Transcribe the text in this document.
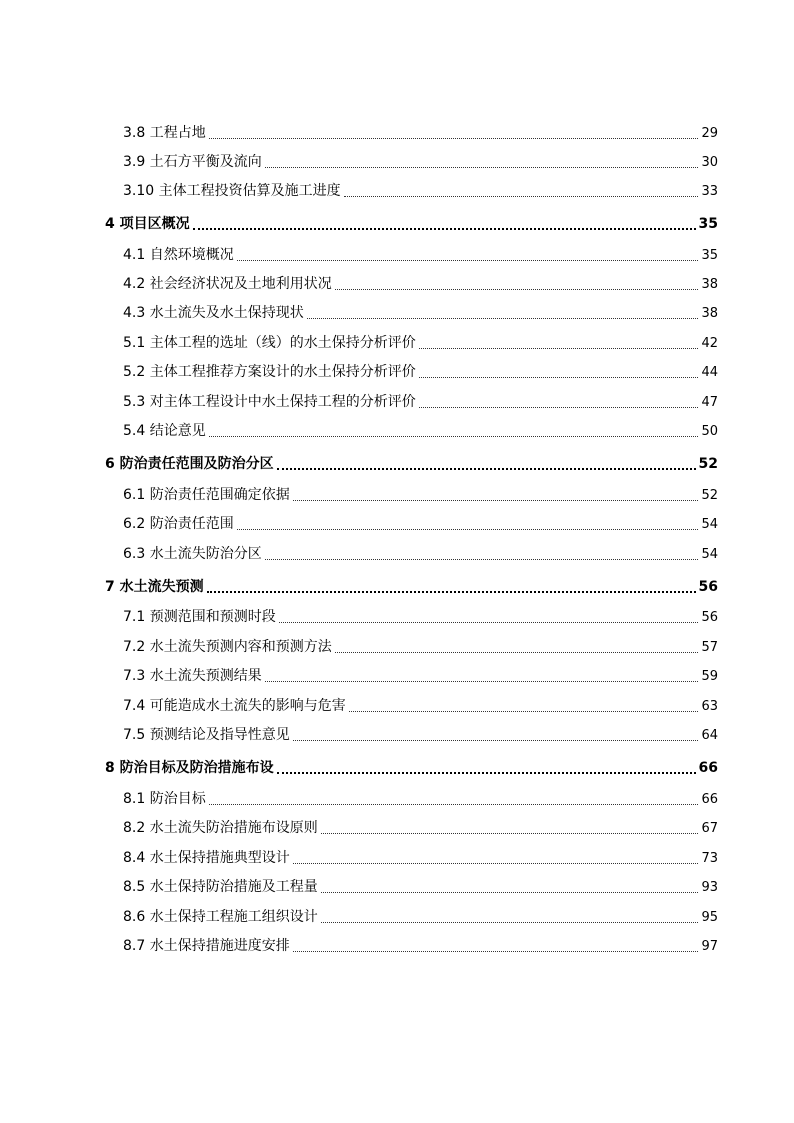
3.8 工程占地	29
3.9 土石方平衡及流向	30
3.10 主体工程投资估算及施工进度	33
4 项目区概况	35
4.1 自然环境概况	35
4.2 社会经济状况及土地利用状况	38
4.3 水土流失及水土保持现状	38
5.1 主体工程的选址（线）的水土保持分析评价	42
5.2 主体工程推荐方案设计的水土保持分析评价	44
5.3 对主体工程设计中水土保持工程的分析评价	47
5.4 结论意见	50
6 防治责任范围及防治分区	52
6.1 防治责任范围确定依据	52
6.2 防治责任范围	54
6.3 水土流失防治分区	54
7 水土流失预测	56
7.1 预测范围和预测时段	56
7.2 水土流失预测内容和预测方法	57
7.3 水土流失预测结果	59
7.4 可能造成水土流失的影响与危害	63
7.5 预测结论及指导性意见	64
8 防治目标及防治措施布设	66
8.1 防治目标	66
8.2 水土流失防治措施布设原则	67
8.4 水土保持措施典型设计	73
8.5 水土保持防治措施及工程量	93
8.6 水土保持工程施工组织设计	95
8.7 水土保持措施进度安排	97
